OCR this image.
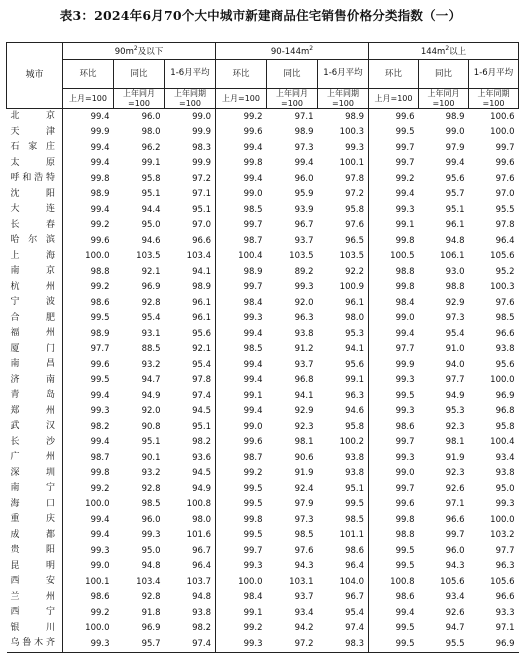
表3：2024年6月70个大中城市新建商品住宅销售价格分类指数（一）
城市	$90m^2$及以下			$90-144m^2$			$144m^2$以上		
	环比	同比	1-6月平均	环比	同比	1-6月平均	环比	同比	1-6月平均
	上月=100	上年同月=100	上年同期=100	上月=100	上年同月=100	上年同期=100	上月=100	上年同月=100	上年同期=100
北京	99.4	96.0	99.0	99.2	97.1	98.9	99.6	98.9	100.6
天津	99.9	98.0	99.9	99.6	98.9	100.3	99.5	99.0	100.0
石家庄	99.4	96.2	98.3	99.4	97.3	99.3	99.7	97.9	99.7
太原	99.4	99.1	99.9	99.8	99.4	100.1	99.7	99.4	99.6
呼和浩特	99.8	95.8	97.2	99.4	96.0	97.8	99.2	95.6	97.6
沈阳	98.9	95.1	97.1	99.0	95.9	97.2	99.4	95.7	97.0
大连	99.4	94.4	95.1	98.5	93.9	95.8	99.3	95.1	95.5
长春	99.2	95.0	97.0	99.7	96.7	97.6	99.1	96.1	97.8
哈尔滨	99.6	94.6	96.6	98.7	93.7	96.5	99.8	94.8	96.4
上海	100.0	103.5	103.4	100.4	103.5	103.5	100.5	106.1	105.6
南京	98.8	92.1	94.1	98.9	89.2	92.2	98.8	93.0	95.2
杭州	99.2	96.9	98.9	99.7	99.3	100.9	99.8	98.8	100.3
宁波	98.6	92.8	96.1	98.4	92.0	96.1	98.4	92.9	97.6
合肥	99.5	95.4	96.1	99.3	96.3	98.0	99.0	97.3	98.5
福州	98.9	93.1	95.6	99.4	93.8	95.3	99.4	95.4	96.6
厦门	97.7	88.5	92.1	98.5	91.2	94.1	97.7	91.0	93.8
南昌	99.6	93.2	95.4	99.4	93.7	95.6	99.9	94.0	95.6
济南	99.5	94.7	97.8	99.4	96.8	99.1	99.3	97.7	100.0
青岛	99.4	94.9	97.4	99.1	94.1	96.3	99.5	94.9	96.9
郑州	99.3	92.0	94.5	99.4	92.9	94.6	99.3	95.3	96.8
武汉	98.2	90.8	95.1	99.0	92.3	95.8	98.6	92.3	95.8
长沙	99.4	95.1	98.2	99.6	98.1	100.2	99.7	98.1	100.4
广州	98.7	90.1	93.6	98.7	90.6	93.8	99.3	91.9	93.4
深圳	99.8	93.2	94.5	99.2	91.9	93.8	99.0	92.3	93.8
南宁	99.2	92.8	94.9	99.5	92.4	95.1	99.7	92.6	95.0
海口	100.0	98.5	100.8	99.5	97.9	99.5	99.6	97.1	99.3
重庆	99.4	96.0	98.0	99.8	97.3	98.5	99.8	96.6	100.0
成都	99.4	99.3	101.6	99.5	98.5	101.1	98.8	99.7	103.2
贵阳	99.3	95.0	96.7	99.7	97.6	98.6	99.5	96.0	97.7
昆明	99.0	94.8	96.4	99.3	94.3	96.4	99.5	94.3	96.3
西安	100.1	103.4	103.7	100.0	103.1	104.0	100.8	105.6	105.6
兰州	98.6	92.8	94.8	98.4	93.7	96.7	98.6	93.4	96.6
西宁	99.2	91.8	93.8	99.1	93.4	95.4	99.4	92.6	93.3
银川	100.0	96.9	98.2	99.2	94.2	97.4	99.5	94.7	97.1
乌鲁木齐	99.3	95.7	97.4	99.3	97.2	98.3	99.5	95.5	96.9
